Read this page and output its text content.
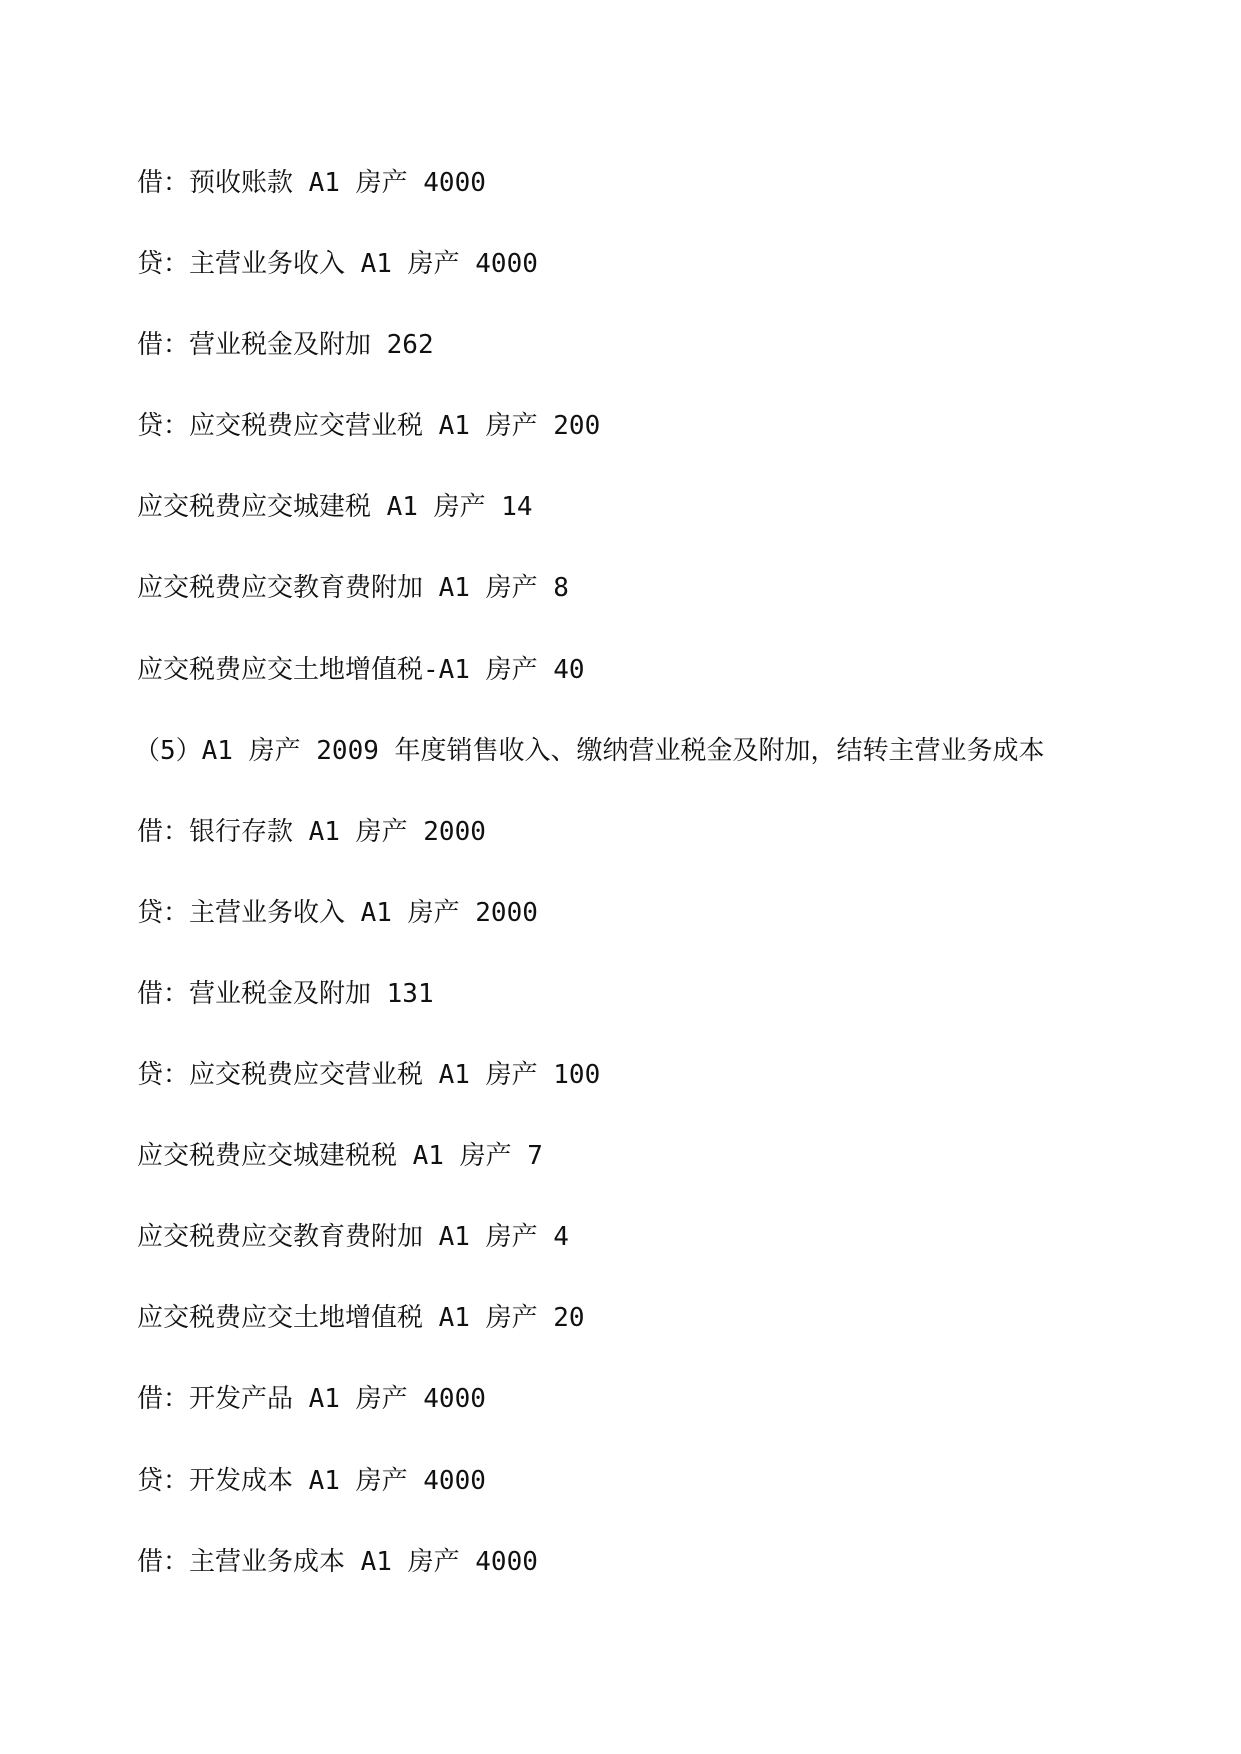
借：预收账款 A1 房产 4000
贷：主营业务收入 A1 房产 4000
借：营业税金及附加 262
贷：应交税费应交营业税 A1 房产 200
应交税费应交城建税 A1 房产 14
应交税费应交教育费附加 A1 房产 8
应交税费应交土地增值税-A1 房产 40
（5）A1 房产 2009 年度销售收入、缴纳营业税金及附加，结转主营业务成本
借：银行存款 A1 房产 2000
贷：主营业务收入 A1 房产 2000
借：营业税金及附加 131
贷：应交税费应交营业税 A1 房产 100
应交税费应交城建税税 A1 房产 7
应交税费应交教育费附加 A1 房产 4
应交税费应交土地增值税 A1 房产 20
借：开发产品 A1 房产 4000
贷：开发成本 A1 房产 4000
借：主营业务成本 A1 房产 4000
